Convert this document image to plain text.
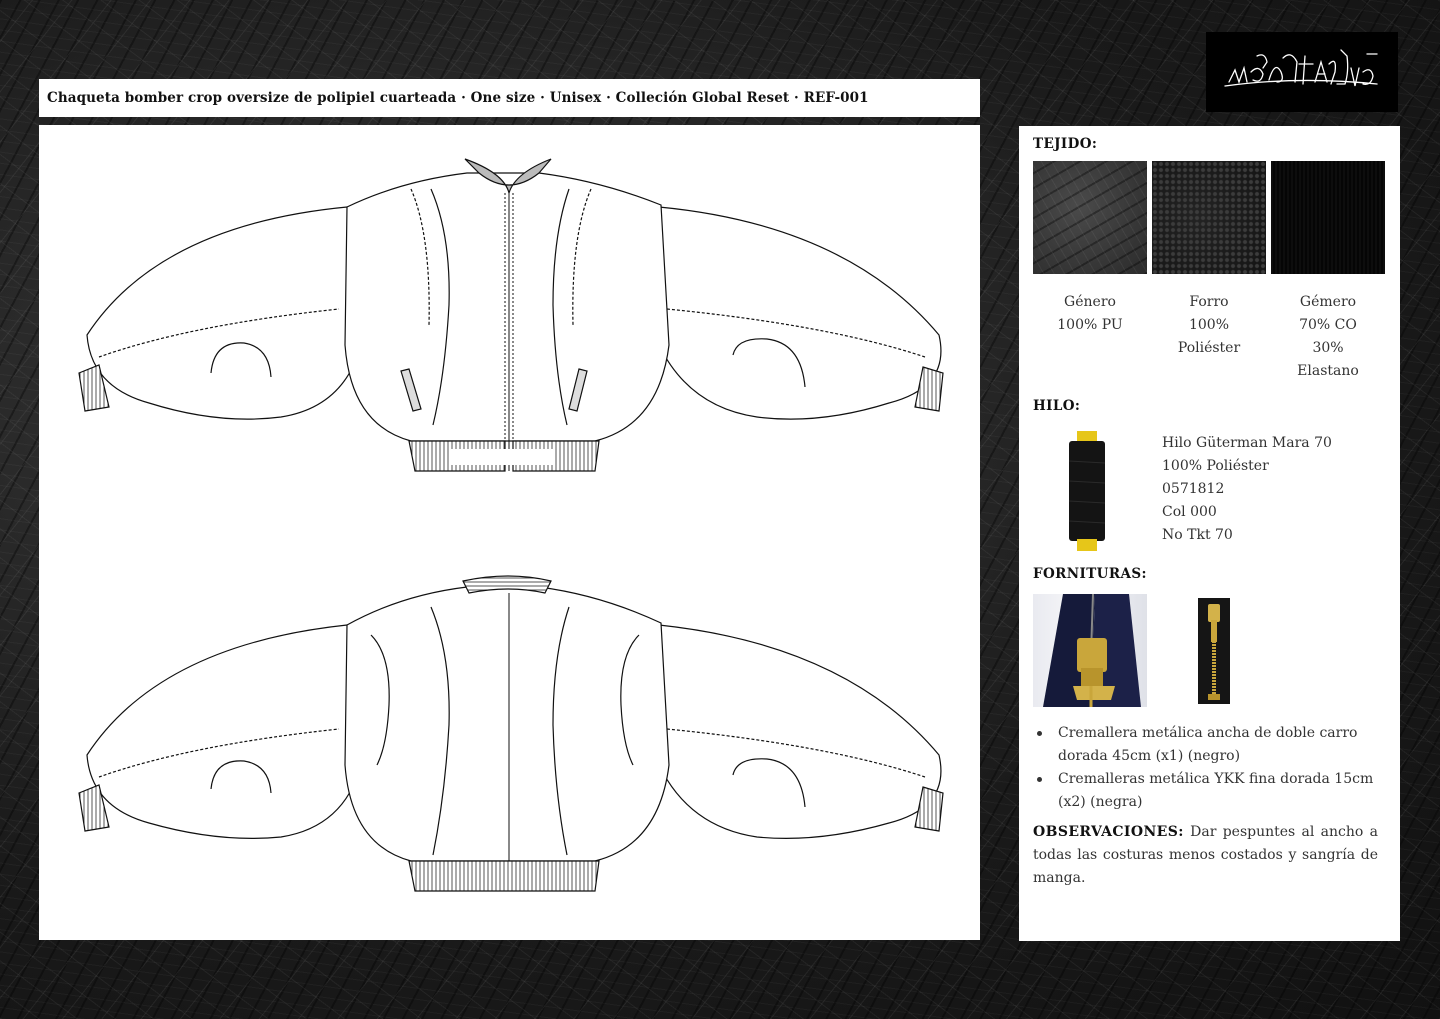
Chaqueta bomber crop oversize de polipiel cuarteada · One size · Unisex · Colleción Global Reset · REF-001
TEJIDO:
Género
100% PU
Forro
100%
Poliéster
Gémero
70% CO
30%
Elastano
HILO:
Hilo Güterman Mara 70
100% Poliéster
0571812
Col 000
No Tkt 70
FORNITURAS:
Cremallera metálica ancha de doble carro dorada 45cm (x1) (negro)
Cremalleras metálica YKK fina dorada 15cm (x2) (negra)
OBSERVACIONES: Dar pespuntes al ancho a todas las costuras menos costados y sangría de manga.
